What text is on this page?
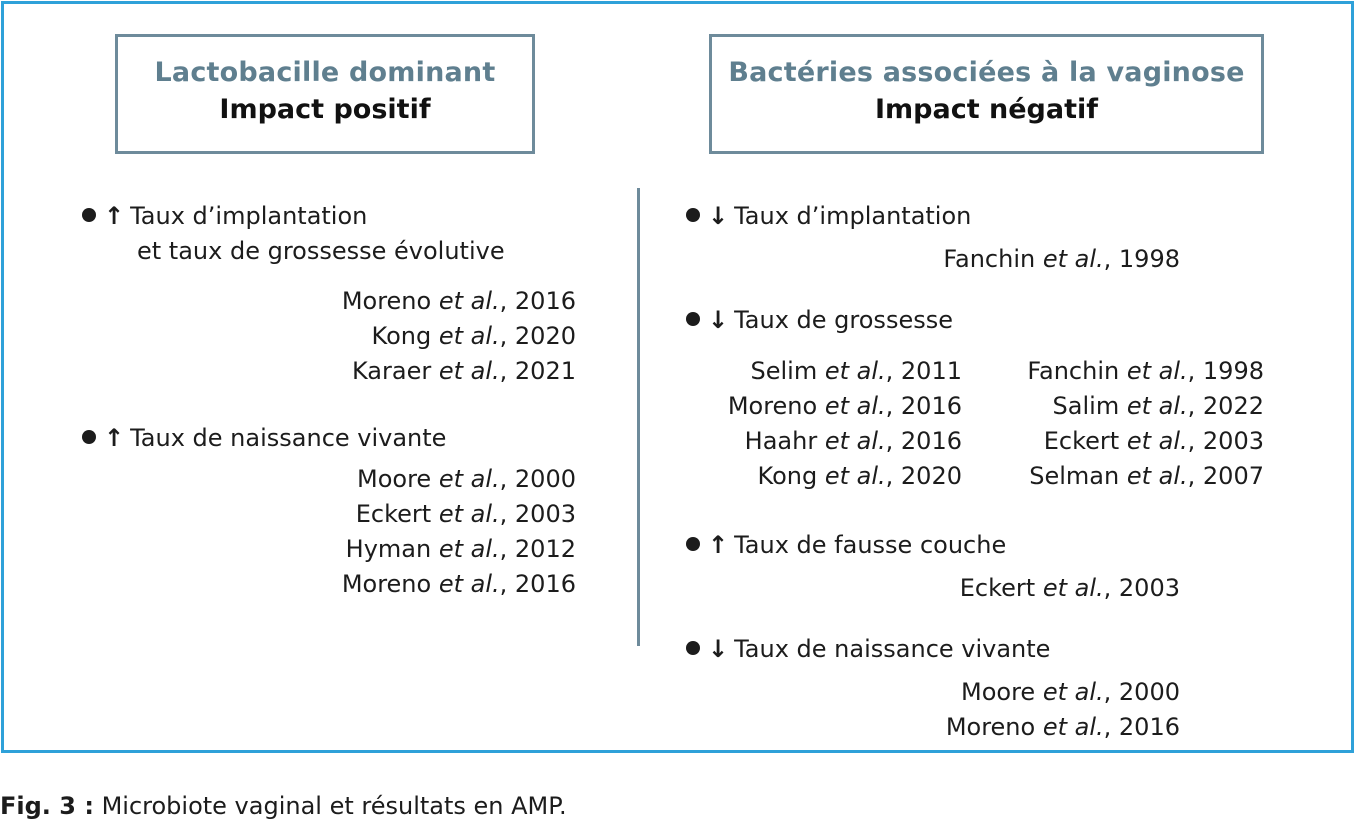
Lactobacille dominant
Impact positif
Bactéries associées à la vaginose
Impact négatif
↑ Taux d’implantation
et taux de grossesse évolutive
Moreno et al., 2016
Kong et al., 2020
Karaer et al., 2021
↑ Taux de naissance vivante
Moore et al., 2000
Eckert et al., 2003
Hyman et al., 2012
Moreno et al., 2016
↓ Taux d’implantation
Fanchin et al., 1998
↓ Taux de grossesse
Selim et al., 2011
Moreno et al., 2016
Haahr et al., 2016
Kong et al., 2020
Fanchin et al., 1998
Salim et al., 2022
Eckert et al., 2003
Selman et al., 2007
↑ Taux de fausse couche
Eckert et al., 2003
↓ Taux de naissance vivante
Moore et al., 2000
Moreno et al., 2016
Fig. 3 : Microbiote vaginal et résultats en AMP.
